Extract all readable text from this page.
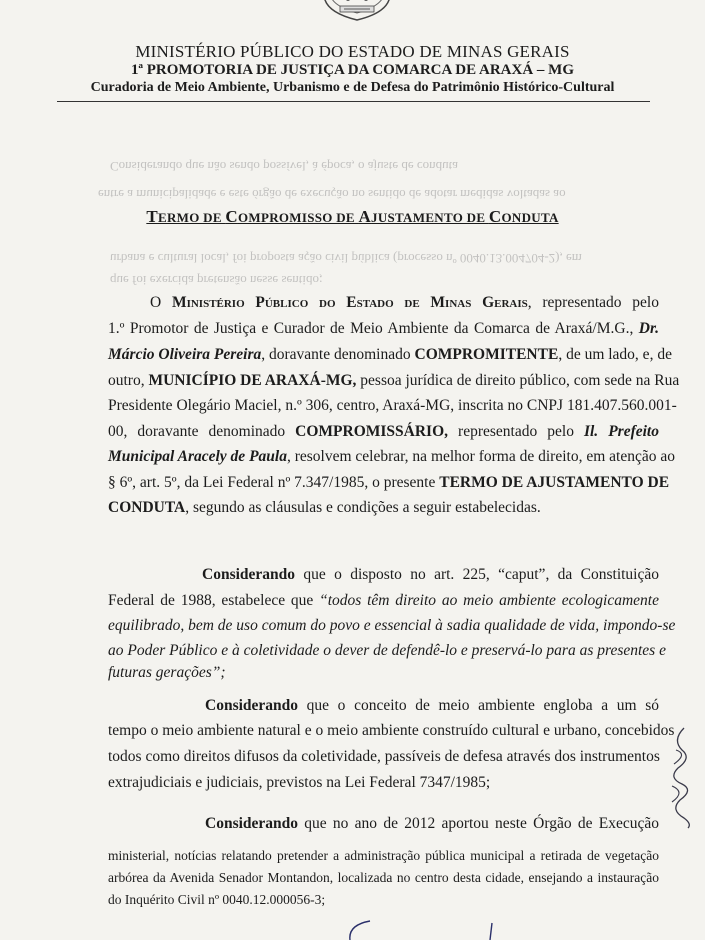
Considerando que não sendo possível, à época, o ajuste de conduta
entre a municipalidade e este órgão de execução no sentido de adotar medidas voltadas ao
urbana e cultural local, foi proposta ação civil pública (processo nº 0040.13.004704-2), em
que foi exercida pretensão nesse sentido;
MINISTÉRIO PÚBLICO DO ESTADO DE MINAS GERAIS
1ª PROMOTORIA DE JUSTIÇA DA COMARCA DE ARAXÁ – MG
Curadoria de Meio Ambiente, Urbanismo e de Defesa do Patrimônio Histórico-Cultural
TERMO DE COMPROMISSO DE AJUSTAMENTO DE CONDUTA
O Ministério Público do Estado de Minas Gerais, representado pelo
1.º Promotor de Justiça e Curador de Meio Ambiente da Comarca de Araxá/M.G., Dr.
Márcio Oliveira Pereira, doravante denominado COMPROMITENTE, de um lado, e, de
outro, MUNICÍPIO DE ARAXÁ-MG, pessoa jurídica de direito público, com sede na Rua
Presidente Olegário Maciel, n.º 306, centro, Araxá-MG, inscrita no CNPJ 181.407.560.001-
00, doravante denominado COMPROMISSÁRIO, representado pelo Il. Prefeito
Municipal Aracely de Paula, resolvem celebrar, na melhor forma de direito, em atenção ao
§ 6º, art. 5º, da Lei Federal nº 7.347/1985, o presente TERMO DE AJUSTAMENTO DE
CONDUTA, segundo as cláusulas e condições a seguir estabelecidas.
Considerando que o disposto no art. 225, “caput”, da Constituição
Federal de 1988, estabelece que “todos têm direito ao meio ambiente ecologicamente
equilibrado, bem de uso comum do povo e essencial à sadia qualidade de vida, impondo-se
ao Poder Público e à coletividade o dever de defendê-lo e preservá-lo para as presentes e
futuras gerações”;
Considerando que o conceito de meio ambiente engloba a um só
tempo o meio ambiente natural e o meio ambiente construído cultural e urbano, concebidos
todos como direitos difusos da coletividade, passíveis de defesa através dos instrumentos
extrajudiciais e judiciais, previstos na Lei Federal 7347/1985;
Considerando que no ano de 2012 aportou neste Órgão de Execução
ministerial, notícias relatando pretender a administração pública municipal a retirada de vegetação
arbórea da Avenida Senador Montandon, localizada no centro desta cidade, ensejando a instauração
do Inquérito Civil nº 0040.12.000056-3;
